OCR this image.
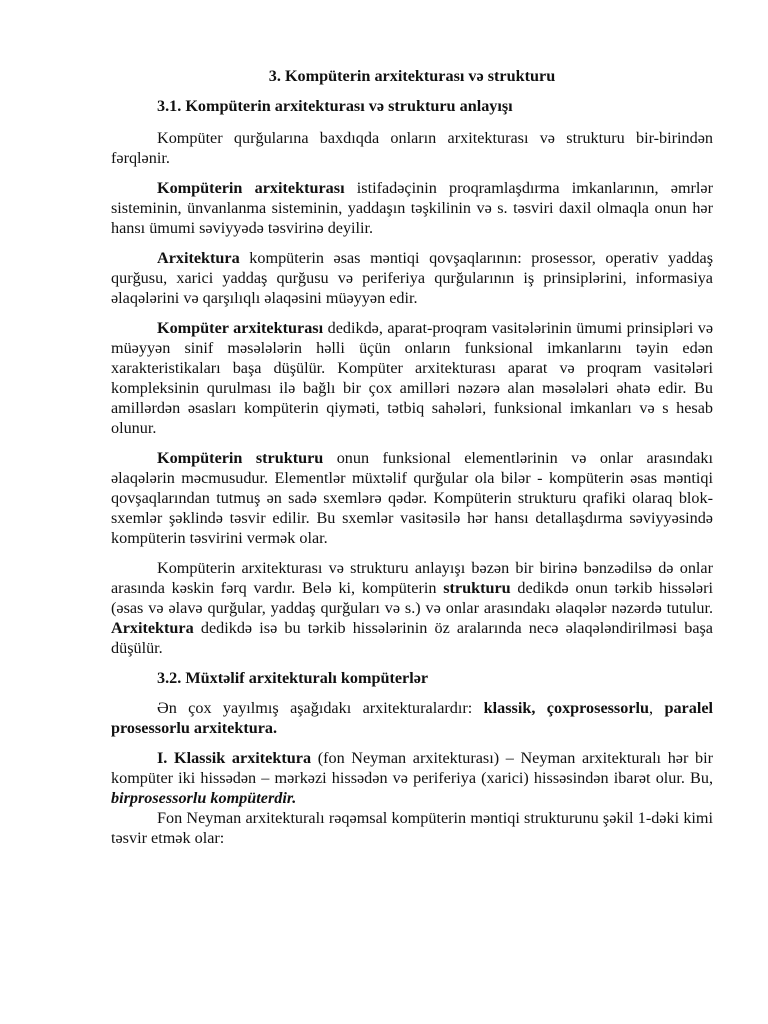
3. Kompüterin arxitekturası və strukturu
3.1. Kompüterin arxitekturası və strukturu anlayışı

Kompüter qurğularına baxdıqda onların arxitekturası və strukturu bir-birindən fərqlənir.

Kompüterin arxitekturası istifadəçinin proqramlaşdırma imkanlarının, əmrlər sisteminin, ünvanlanma sisteminin, yaddaşın təşkilinin və s. təsviri daxil olmaqla onun hər hansı ümumi səviyyədə təsvirinə deyilir.

Arxitektura kompüterin əsas məntiqi qovşaqlarının: prosessor, operativ yaddaş qurğusu, xarici yaddaş qurğusu və periferiya qurğularının iş prinsiplərini, informasiya əlaqələrini və qarşılıqlı əlaqəsini müəyyən edir.

Kompüter arxitekturası dedikdə, aparat-proqram vasitələrinin ümumi prinsipləri və müəyyən sinif məsələlərin həlli üçün onların funksional imkanlarını təyin edən xarakteristikaları başa düşülür. Kompüter arxitekturası aparat və proqram vasitələri kompleksinin qurulması ilə bağlı bir çox amilləri nəzərə alan məsələləri əhatə edir. Bu amillərdən əsasları kompüterin qiyməti, tətbiq sahələri, funksional imkanları və s hesab olunur.

Kompüterin strukturu onun funksional elementlərinin və onlar arasındakı əlaqələrin məcmusudur. Elementlər müxtəlif qurğular ola bilər - kompüterin əsas məntiqi qovşaqlarından tutmuş ən sadə sxemlərə qədər. Kompüterin strukturu qrafiki olaraq blok- sxemlər şəklində təsvir edilir. Bu sxemlər vasitəsilə hər hansı detallaşdırma səviyyəsində kompüterin təsvirini vermək olar.

Kompüterin arxitekturası və strukturu anlayışı bəzən bir birinə bənzədilsə də onlar arasında kəskin fərq vardır. Belə ki, kompüterin strukturu dedikdə onun tərkib hissələri (əsas və əlavə qurğular, yaddaş qurğuları və s.) və onlar arasındakı əlaqələr nəzərdə tutulur. Arxitektura dedikdə isə bu tərkib hissələrinin öz aralarında necə əlaqələndirilməsi başa düşülür.

3.2. Müxtəlif arxitekturalı kompüterlər

Ən çox yayılmış aşağıdakı arxitekturalardır: klassik, çoxprosessorlu, paralel prosessorlu arxitektura.

I. Klassik arxitektura (fon Neyman arxitekturası) – Neyman arxitekturalı hər bir kompüter iki hissədən – mərkəzi hissədən və periferiya (xarici) hissəsindən ibarət olur. Bu, birprosessorlu kompüterdir.

Fon Neyman arxitekturalı rəqəmsal kompüterin məntiqi strukturunu şəkil 1-dəki kimi təsvir etmək olar:
